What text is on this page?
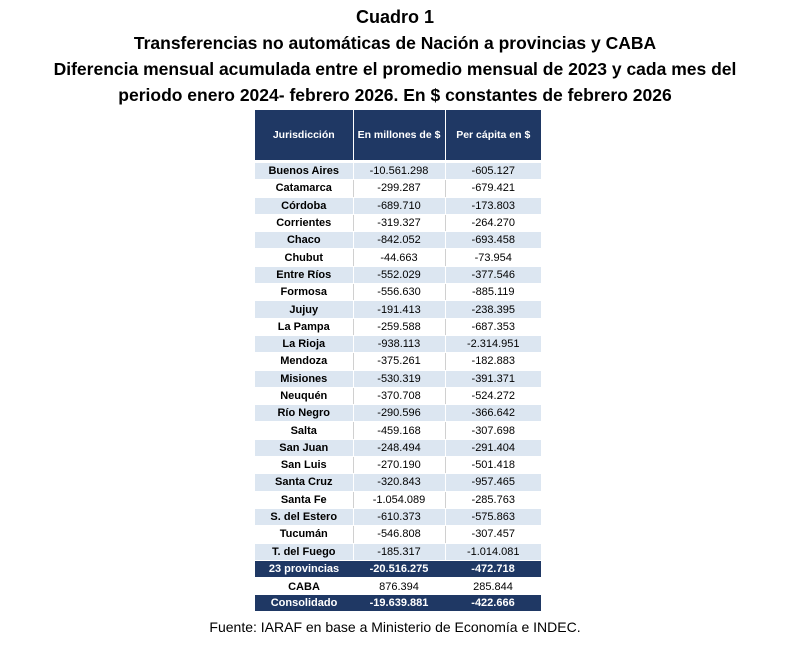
Cuadro 1
Transferencias no automáticas de Nación a provincias y CABA
Diferencia mensual acumulada entre el promedio mensual de 2023 y cada mes del
periodo enero 2024- febrero 2026. En $ constantes de febrero 2026
Jurisdicción	En millones de $	Per cápita en $

Buenos Aires	-10.561.298	-605.127
Catamarca	-299.287	-679.421
Córdoba	-689.710	-173.803
Corrientes	-319.327	-264.270
Chaco	-842.052	-693.458
Chubut	-44.663	-73.954
Entre Ríos	-552.029	-377.546
Formosa	-556.630	-885.119
Jujuy	-191.413	-238.395
La Pampa	-259.588	-687.353
La Rioja	-938.113	-2.314.951
Mendoza	-375.261	-182.883
Misiones	-530.319	-391.371
Neuquén	-370.708	-524.272
Río Negro	-290.596	-366.642
Salta	-459.168	-307.698
San Juan	-248.494	-291.404
San Luis	-270.190	-501.418
Santa Cruz	-320.843	-957.465
Santa Fe	-1.054.089	-285.763
S. del Estero	-610.373	-575.863
Tucumán	-546.808	-307.457
T. del Fuego	-185.317	-1.014.081
23 provincias	-20.516.275	-472.718
CABA	876.394	285.844
Consolidado	-19.639.881	-422.666
Fuente: IARAF en base a Ministerio de Economía e INDEC.
